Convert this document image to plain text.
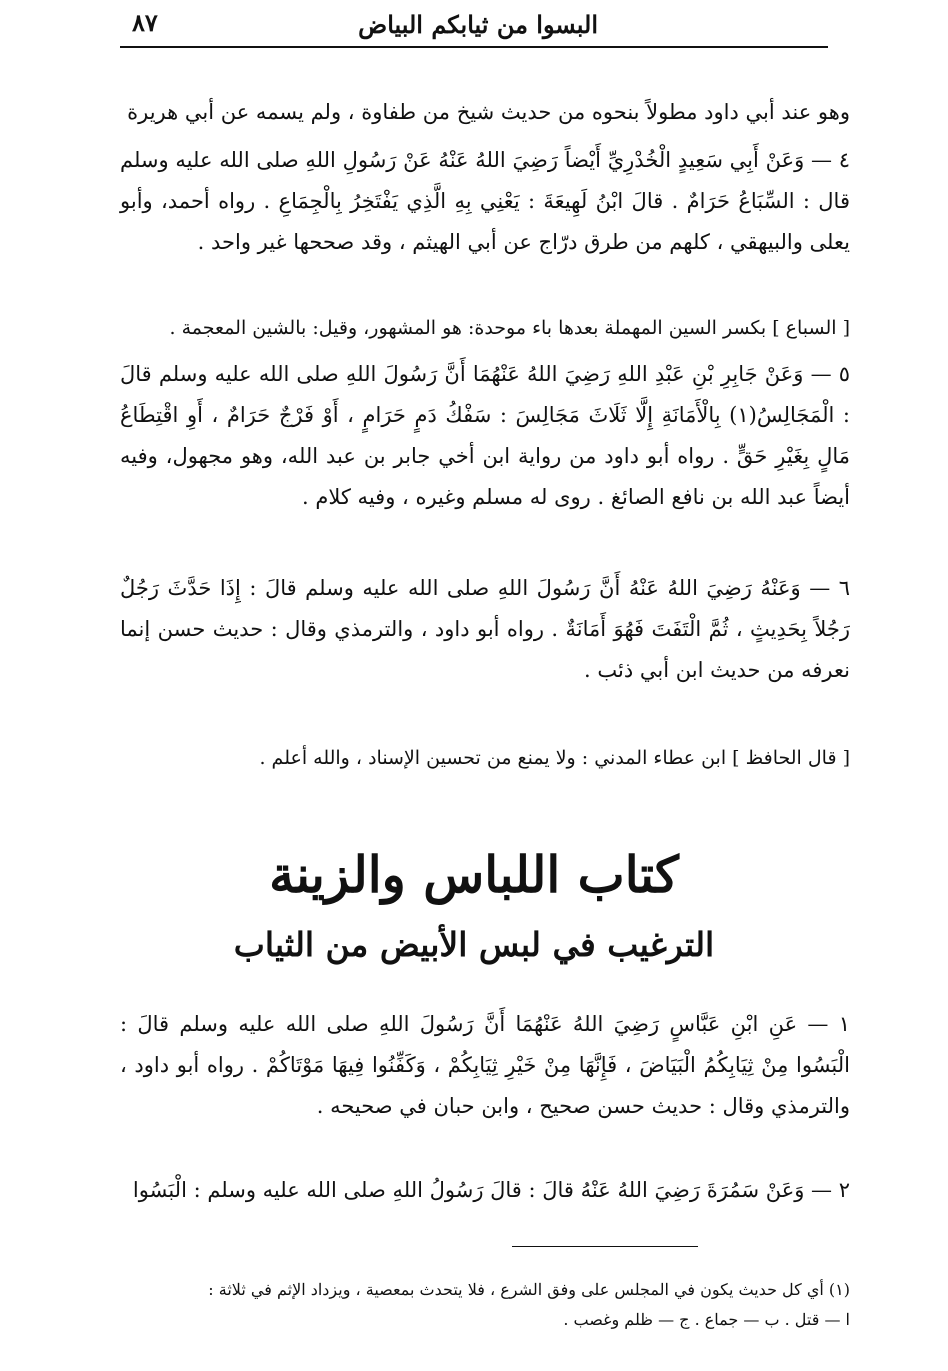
البسوا من ثيابكم البياض
٨٧

وهو عند أبي داود مطولاً بنحوه من حديث شيخ من طفاوة ، ولم يسمه عن أبي هريرة

٤ — وَعَنْ أَبِي سَعِيدٍ الْخُدْرِيِّ أَيْضاً رَضِيَ اللهُ عَنْهُ عَنْ رَسُولِ اللهِ صلى الله عليه وسلم قال : السِّبَاعُ حَرَامٌ . قالَ ابْنُ لَهِيعَةَ : يَعْنِي بِهِ الَّذِي يَفْتَخِرُ بِالْجِمَاعِ . رواه أحمد، وأبو يعلى والبيهقي ، كلهم من طرق درّاج عن أبي الهيثم ، وقد صححها غير واحد .

[ السباع ] بكسر السين المهملة بعدها باء موحدة: هو المشهور، وقيل: بالشين المعجمة .

٥ — وَعَنْ جَابِرِ بْنِ عَبْدِ اللهِ رَضِيَ اللهُ عَنْهُمَا أَنَّ رَسُولَ اللهِ صلى الله عليه وسلم قالَ : الْمَجَالِسُ(١) بِالْأَمَانَةِ إِلَّا ثَلَاثَ مَجَالِسَ : سَفْكُ دَمٍ حَرَامٍ ، أَوْ فَرْجٌ حَرَامٌ ، أَوِ اقْتِطَاعُ مَالٍ بِغَيْرِ حَقٍّ . رواه أبو داود من رواية ابن أخي جابر بن عبد الله، وهو مجهول، وفيه أيضاً عبد الله بن نافع الصائغ . روى له مسلم وغيره ، وفيه كلام .

٦ — وَعَنْهُ رَضِيَ اللهُ عَنْهُ أَنَّ رَسُولَ اللهِ صلى الله عليه وسلم قالَ : إِذَا حَدَّثَ رَجُلٌ رَجُلاً بِحَدِيثٍ ، ثُمَّ الْتَفَتَ فَهُوَ أَمَانَةٌ . رواه أبو داود ، والترمذي وقال : حديث حسن إنما نعرفه من حديث ابن أبي ذئب .

[ قال الحافظ ] ابن عطاء المدني : ولا يمنع من تحسين الإسناد ، والله أعلم .

كتاب اللباس والزينة
الترغيب في لبس الأبيض من الثياب

١ — عَنِ ابْنِ عَبَّاسٍ رَضِيَ اللهُ عَنْهُمَا أَنَّ رَسُولَ اللهِ صلى الله عليه وسلم قالَ : الْبَسُوا مِنْ ثِيَابِكُمُ الْبَيَاضَ ، فَإِنَّهَا مِنْ خَيْرِ ثِيَابِكُمْ ، وَكَفِّنُوا فِيهَا مَوْتَاكُمْ . رواه أبو داود ، والترمذي وقال : حديث حسن صحيح ، وابن حبان في صحيحه .

٢ — وَعَنْ سَمُرَةَ رَضِيَ اللهُ عَنْهُ قالَ : قالَ رَسُولُ اللهِ صلى الله عليه وسلم : الْبَسُوا

(١) أي كل حديث يكون في المجلس على وفق الشرع ، فلا يتحدث بمعصية ، ويزداد الإثم في ثلاثة :
ا — قتل . ب — جماع . ج — ظلم وغصب .
